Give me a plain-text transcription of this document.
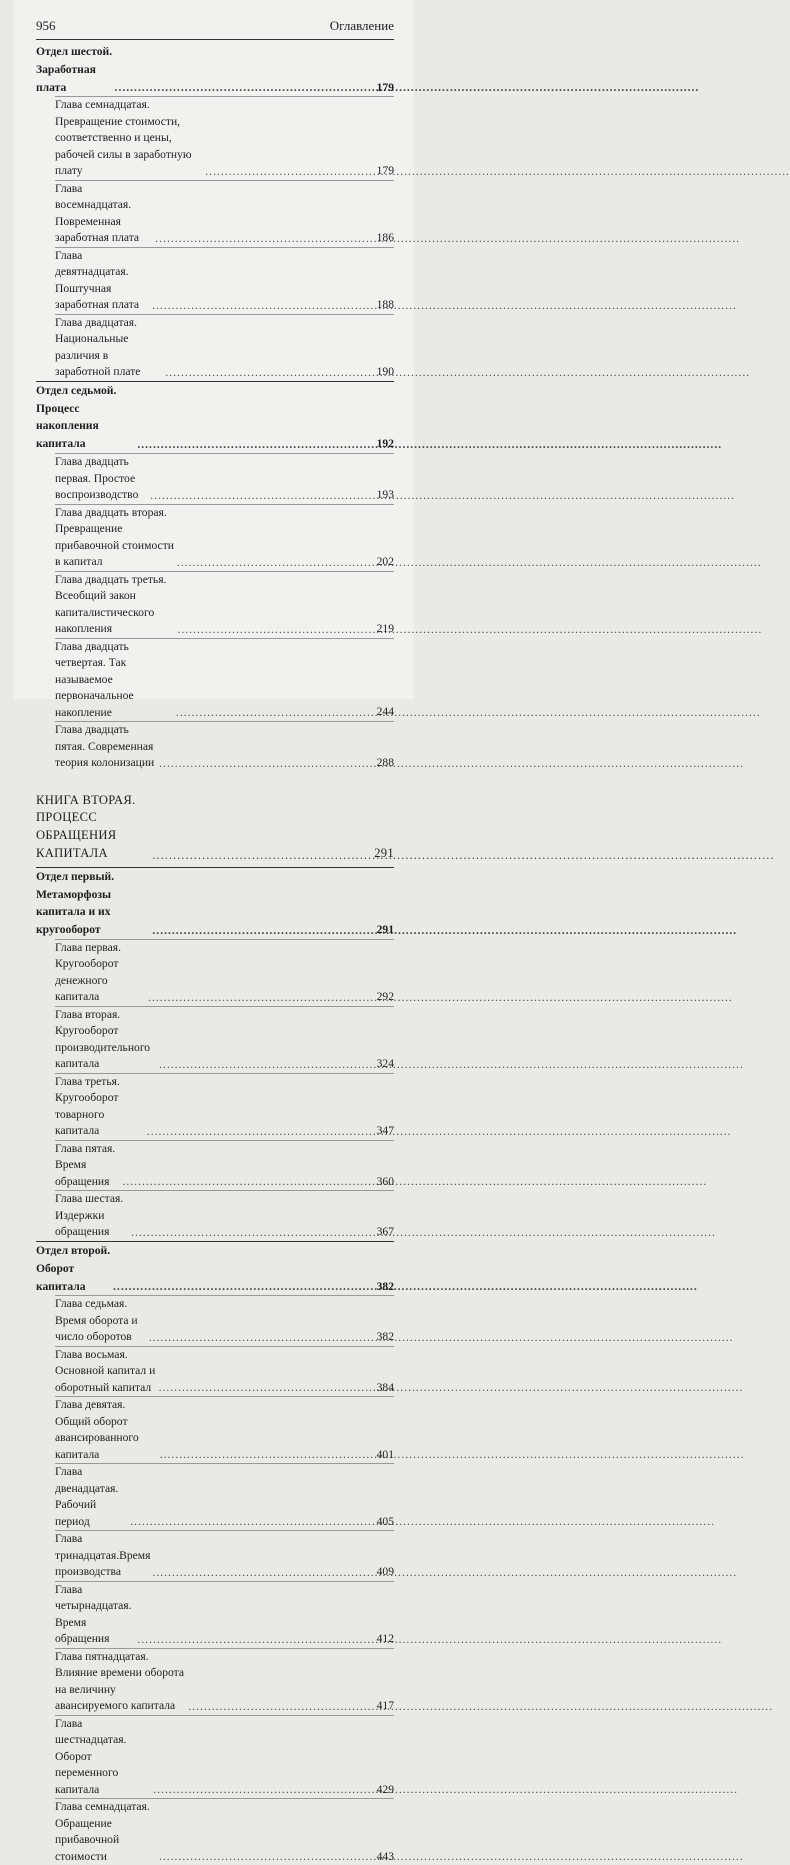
956	Оглавление
Отдел шестой. Заработная плата .....	179
Глава семнадцатая. Превращение стоимости, соответственно и цены, рабочей силы в заработную плату .....	179
Глава восемнадцатая. Повременная заработная плата .....	186
Глава девятнадцатая. Поштучная заработная плата .....	188
Глава двадцатая. Национальные различия в заработной плате .....	190
Отдел седьмой. Процесс накопления капитала .....	192
Глава двадцать первая. Простое воспроизводство .....	193
Глава двадцать вторая. Превращение прибавочной стоимости в капитал .....	202
Глава двадцать третья. Всеобщий закон капиталистического накопления .....	219
Глава двадцать четвертая. Так называемое первоначальное накопление .....	244
Глава двадцать пятая. Современная теория колонизации .....	288
КНИГА ВТОРАЯ. ПРОЦЕСС ОБРАЩЕНИЯ КАПИТАЛА .....	291
Отдел первый. Метаморфозы капитала и их кругооборот .....	291
Глава первая. Кругооборот денежного капитала .....	292
Глава вторая. Кругооборот производительного капитала .....	324
Глава третья. Кругооборот товарного капитала .....	347
Глава пятая. Время обращения .....	360
Глава шестая. Издержки обращения .....	367
Отдел второй. Оборот капитала .....	382
Глава седьмая. Время оборота и число оборотов .....	382
Глава восьмая. Основной капитал и оборотный капитал .....	384
Глава девятая. Общий оборот авансированного капитала .....	401
Глава двенадцатая. Рабочий период .....	405
Глава тринадцатая.Время производства .....	409
Глава четырнадцатая. Время обращения .....	412
Глава пятнадцатая. Влияние времени оборота на величину авансируемого капитала .....	417
Глава шестнадцатая. Оборот переменного капитала .....	429
Глава семнадцатая. Обращение прибавочной стоимости .....	443
